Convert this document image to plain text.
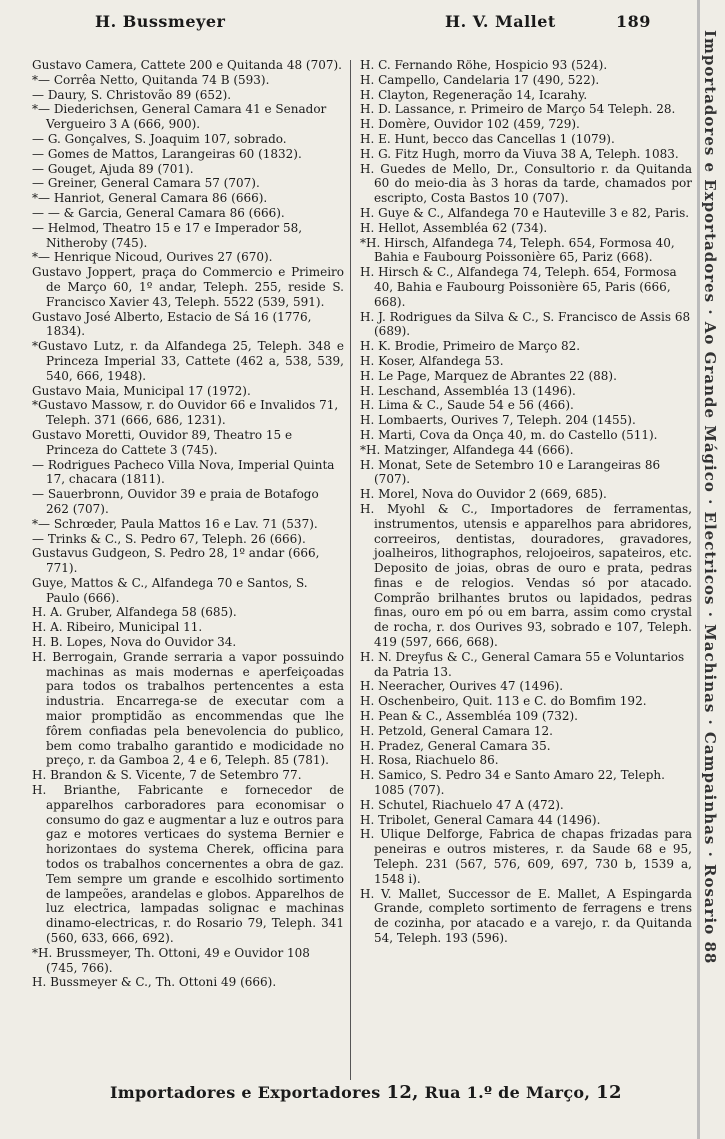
H. Bussmeyer	H. V. Mallet	189

Gustavo Camera, Cattete 200 e Quitanda 48 (707).

*— Corrêa Netto, Quitanda 74 B (593).

— Daury, S. Christovão 89 (652).

*— Diederichsen, General Camara 41 e Senador Vergueiro 3 A (666, 900).

— G. Gonçalves, S. Joaquim 107, sobrado.

— Gomes de Mattos, Larangeiras 60 (1832).

— Gouget, Ajuda 89 (701).

— Greiner, General Camara 57 (707).

*— Hanriot, General Camara 86 (666).

— — & Garcia, General Camara 86 (666).

— Helmod, Theatro 15 e 17 e Imperador 58, Nitheroby (745).

*— Henrique Nicoud, Ourives 27 (670).

Gustavo Joppert, praça do Commercio e Primeiro de Março 60, 1º andar, Teleph. 255, reside S. Francisco Xavier 43, Teleph. 5522 (539, 591).

Gustavo José Alberto, Estacio de Sá 16 (1776, 1834).

*Gustavo Lutz, r. da Alfandega 25, Teleph. 348 e Princeza Imperial 33, Cattete (462 a, 538, 539, 540, 666, 1948).

Gustavo Maia, Municipal 17 (1972).

*Gustavo Massow, r. do Ouvidor 66 e Invalidos 71, Teleph. 371 (666, 686, 1231).

Gustavo Moretti, Ouvidor 89, Theatro 15 e Princeza do Cattete 3 (745).

— Rodrigues Pacheco Villa Nova, Imperial Quinta 17, chacara (1811).

— Sauerbronn, Ouvidor 39 e praia de Botafogo 262 (707).

*— Schrœder, Paula Mattos 16 e Lav. 71 (537).

— Trinks & C., S. Pedro 67, Teleph. 26 (666).

Gustavus Gudgeon, S. Pedro 28, 1º andar (666, 771).

Guye, Mattos & C., Alfandega 70 e Santos, S. Paulo (666).

H. A. Gruber, Alfandega 58 (685).

H. A. Ribeiro, Municipal 11.

H. B. Lopes, Nova do Ouvidor 34.

H. Berrogain, Grande serraria a vapor possuindo machinas as mais modernas e aperfeiçoadas para todos os trabalhos pertencentes a esta industria. Encarrega-se de executar com a maior promptidão as encommendas que lhe fôrem confiadas pela benevolencia do publico, bem como trabalho garantido e modicidade no preço, r. da Gamboa 2, 4 e 6, Teleph. 85 (781).

H. Brandon & S. Vicente, 7 de Setembro 77.

H. Brianthe, Fabricante e fornecedor de apparelhos carboradores para economisar o consumo do gaz e augmentar a luz e outros para gaz e motores verticaes do systema Bernier e horizontaes do systema Cherek, officina para todos os trabalhos concernentes a obra de gaz. Tem sempre um grande e escolhido sortimento de lampeões, arandelas e globos. Apparelhos de luz electrica, lampadas solignac e machinas dinamo-electricas, r. do Rosario 79, Teleph. 341 (560, 633, 666, 692).

*H. Brussmeyer, Th. Ottoni, 49 e Ouvidor 108 (745, 766).

H. Bussmeyer & C., Th. Ottoni 49 (666).

H. C. Fernando Röhe, Hospicio 93 (524).

H. Campello, Candelaria 17 (490, 522).

H. Clayton, Regeneração 14, Icarahy.

H. D. Lassance, r. Primeiro de Março 54 Teleph. 28.

H. Domère, Ouvidor 102 (459, 729).

H. E. Hunt, becco das Cancellas 1 (1079).

H. G. Fitz Hugh, morro da Viuva 38 A, Teleph. 1083.

H. Guedes de Mello, Dr., Consultorio r. da Quitanda 60 do meio-dia às 3 horas da tarde, chamados por escripto, Costa Bastos 10 (707).

H. Guye & C., Alfandega 70 e Hauteville 3 e 82, Paris.

H. Hellot, Assembléa 62 (734).

*H. Hirsch, Alfandega 74, Teleph. 654, Formosa 40, Bahia e Faubourg Poissonière 65, Pariz (668).

H. Hirsch & C., Alfandega 74, Teleph. 654, Formosa 40, Bahia e Faubourg Poissonière 65, Paris (666, 668).

H. J. Rodrigues da Silva & C., S. Francisco de Assis 68 (689).

H. K. Brodie, Primeiro de Março 82.

H. Koser, Alfandega 53.

H. Le Page, Marquez de Abrantes 22 (88).

H. Leschand, Assembléa 13 (1496).

H. Lima & C., Saude 54 e 56 (466).

H. Lombaerts, Ourives 7, Teleph. 204 (1455).

H. Marti, Cova da Onça 40, m. do Castello (511).

*H. Matzinger, Alfandega 44 (666).

H. Monat, Sete de Setembro 10 e Larangeiras 86 (707).

H. Morel, Nova do Ouvidor 2 (669, 685).

H. Myohl & C., Importadores de ferramentas, instrumentos, utensis e apparelhos para abridores, correeiros, dentistas, douradores, gravadores, joalheiros, lithographos, relojoeiros, sapateiros, etc. Deposito de joias, obras de ouro e prata, pedras finas e de relogios. Vendas só por atacado. Comprão brilhantes brutos ou lapidados, pedras finas, ouro em pó ou em barra, assim como crystal de rocha, r. dos Ourives 93, sobrado e 107, Teleph. 419 (597, 666, 668).

H. N. Dreyfus & C., General Camara 55 e Voluntarios da Patria 13.

H. Neeracher, Ourives 47 (1496).

H. Oschenbeiro, Quit. 113 e C. do Bomfim 192.

H. Pean & C., Assembléa 109 (732).

H. Petzold, General Camara 12.

H. Pradez, General Camara 35.

H. Rosa, Riachuelo 86.

H. Samico, S. Pedro 34 e Santo Amaro 22, Teleph. 1085 (707).

H. Schutel, Riachuelo 47 A (472).

H. Tribolet, General Camara 44 (1496).

H. Ulique Delforge, Fabrica de chapas frizadas para peneiras e outros misteres, r. da Saude 68 e 95, Teleph. 231 (567, 576, 609, 697, 730 b, 1539 a, 1548 i).

H. V. Mallet, Successor de E. Mallet, A Espingarda Grande, completo sortimento de ferragens e trens de cozinha, por atacado e a varejo, r. da Quitanda 54, Teleph. 193 (596).

Importadores e Exportadores 12, Rua 1.º de Março, 12
Importadores e Exportadores · Ao Grande Mágico · Electricos · Machinas · Campainhas · Rosario 88
